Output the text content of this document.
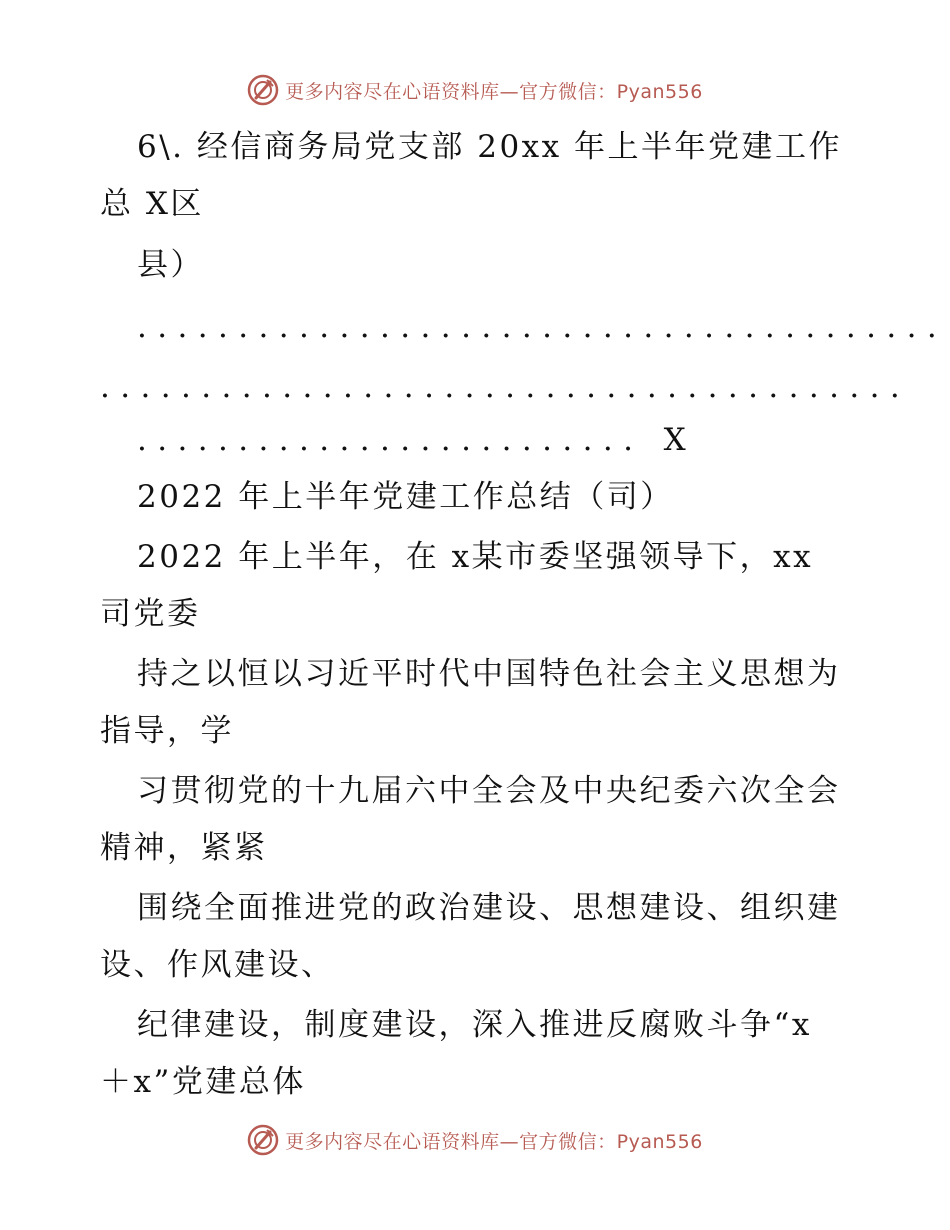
更多内容尽在心语资料库—官方微信：Pyan556
6\. 经信商务局党支部 20xx 年上半年党建工作
总 X区
县）
........................................
........................................
......................... X
2022 年上半年党建工作总结（司）
2022 年上半年，在 x某市委坚强领导下，xx
司党委
持之以恒以习近平时代中国特色社会主义思想为
指导，学
习贯彻党的十九届六中全会及中央纪委六次全会
精神，紧紧
围绕全面推进党的政治建设、思想建设、组织建
设、作风建设、
纪律建设，制度建设，深入推进反腐败斗争“x
＋x”党建总体
更多内容尽在心语资料库—官方微信：Pyan556
